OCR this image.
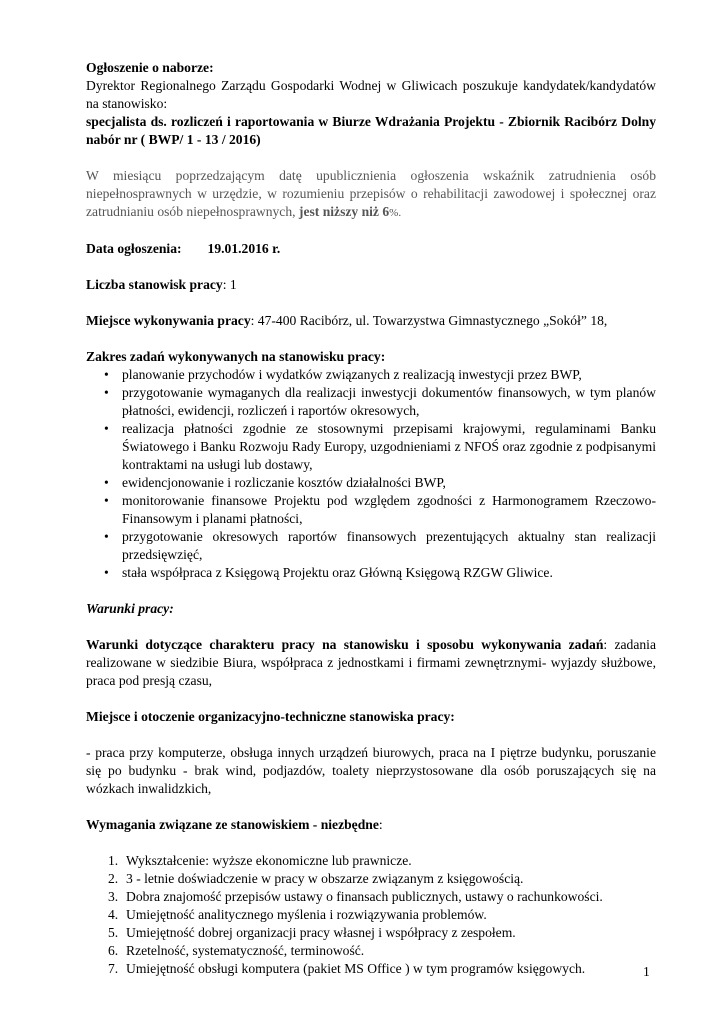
Ogłoszenie o naborze:

Dyrektor Regionalnego Zarządu Gospodarki Wodnej w Gliwicach poszukuje kandydatek/kandydatów na stanowisko:

specjalista ds. rozliczeń i raportowania w Biurze Wdrażania Projektu - Zbiornik Racibórz Dolny nabór nr ( BWP/ 1 - 13 / 2016)

W miesiącu poprzedzającym datę upublicznienia ogłoszenia wskaźnik zatrudnienia osób niepełnosprawnych w urzędzie, w rozumieniu przepisów o rehabilitacji zawodowej i społecznej oraz zatrudnianiu osób niepełnosprawnych, jest niższy niż 6%.

Data ogłoszenia: 19.01.2016 r.

Liczba stanowisk pracy: 1

Miejsce wykonywania pracy: 47-400 Racibórz, ul. Towarzystwa Gimnastycznego „Sokół” 18,

Zakres zadań wykonywanych na stanowisku pracy:

• planowanie przychodów i wydatków związanych z realizacją inwestycji przez BWP,
• przygotowanie wymaganych dla realizacji inwestycji dokumentów finansowych, w tym planów płatności, ewidencji, rozliczeń i raportów okresowych,
• realizacja płatności zgodnie ze stosownymi przepisami krajowymi, regulaminami Banku Światowego i Banku Rozwoju Rady Europy, uzgodnieniami z NFOŚ oraz zgodnie z podpisanymi kontraktami na usługi lub dostawy,
• ewidencjonowanie i rozliczanie kosztów działalności BWP,
• monitorowanie finansowe Projektu pod względem zgodności z Harmonogramem Rzeczowo-Finansowym i planami płatności,
• przygotowanie okresowych raportów finansowych prezentujących aktualny stan realizacji przedsięwzięć,
• stała współpraca z Księgową Projektu oraz Główną Księgową RZGW Gliwice.

Warunki pracy:

Warunki dotyczące charakteru pracy na stanowisku i sposobu wykonywania zadań: zadania realizowane w siedzibie Biura, współpraca z jednostkami i firmami zewnętrznymi- wyjazdy służbowe, praca pod presją czasu,

Miejsce i otoczenie organizacyjno-techniczne stanowiska pracy:

- praca przy komputerze, obsługa innych urządzeń biurowych, praca na I piętrze budynku, poruszanie się po budynku - brak wind, podjazdów, toalety nieprzystosowane dla osób poruszających się na wózkach inwalidzkich,

Wymagania związane ze stanowiskiem - niezbędne:

1. Wykształcenie: wyższe ekonomiczne lub prawnicze.
2. 3 - letnie doświadczenie w pracy w obszarze związanym z księgowością.
3. Dobra znajomość przepisów ustawy o finansach publicznych, ustawy o rachunkowości.
4. Umiejętność analitycznego myślenia i rozwiązywania problemów.
5. Umiejętność dobrej organizacji pracy własnej i współpracy z zespołem.
6. Rzetelność, systematyczność, terminowość.
7. Umiejętność obsługi komputera (pakiet MS Office ) w tym programów księgowych.	1
